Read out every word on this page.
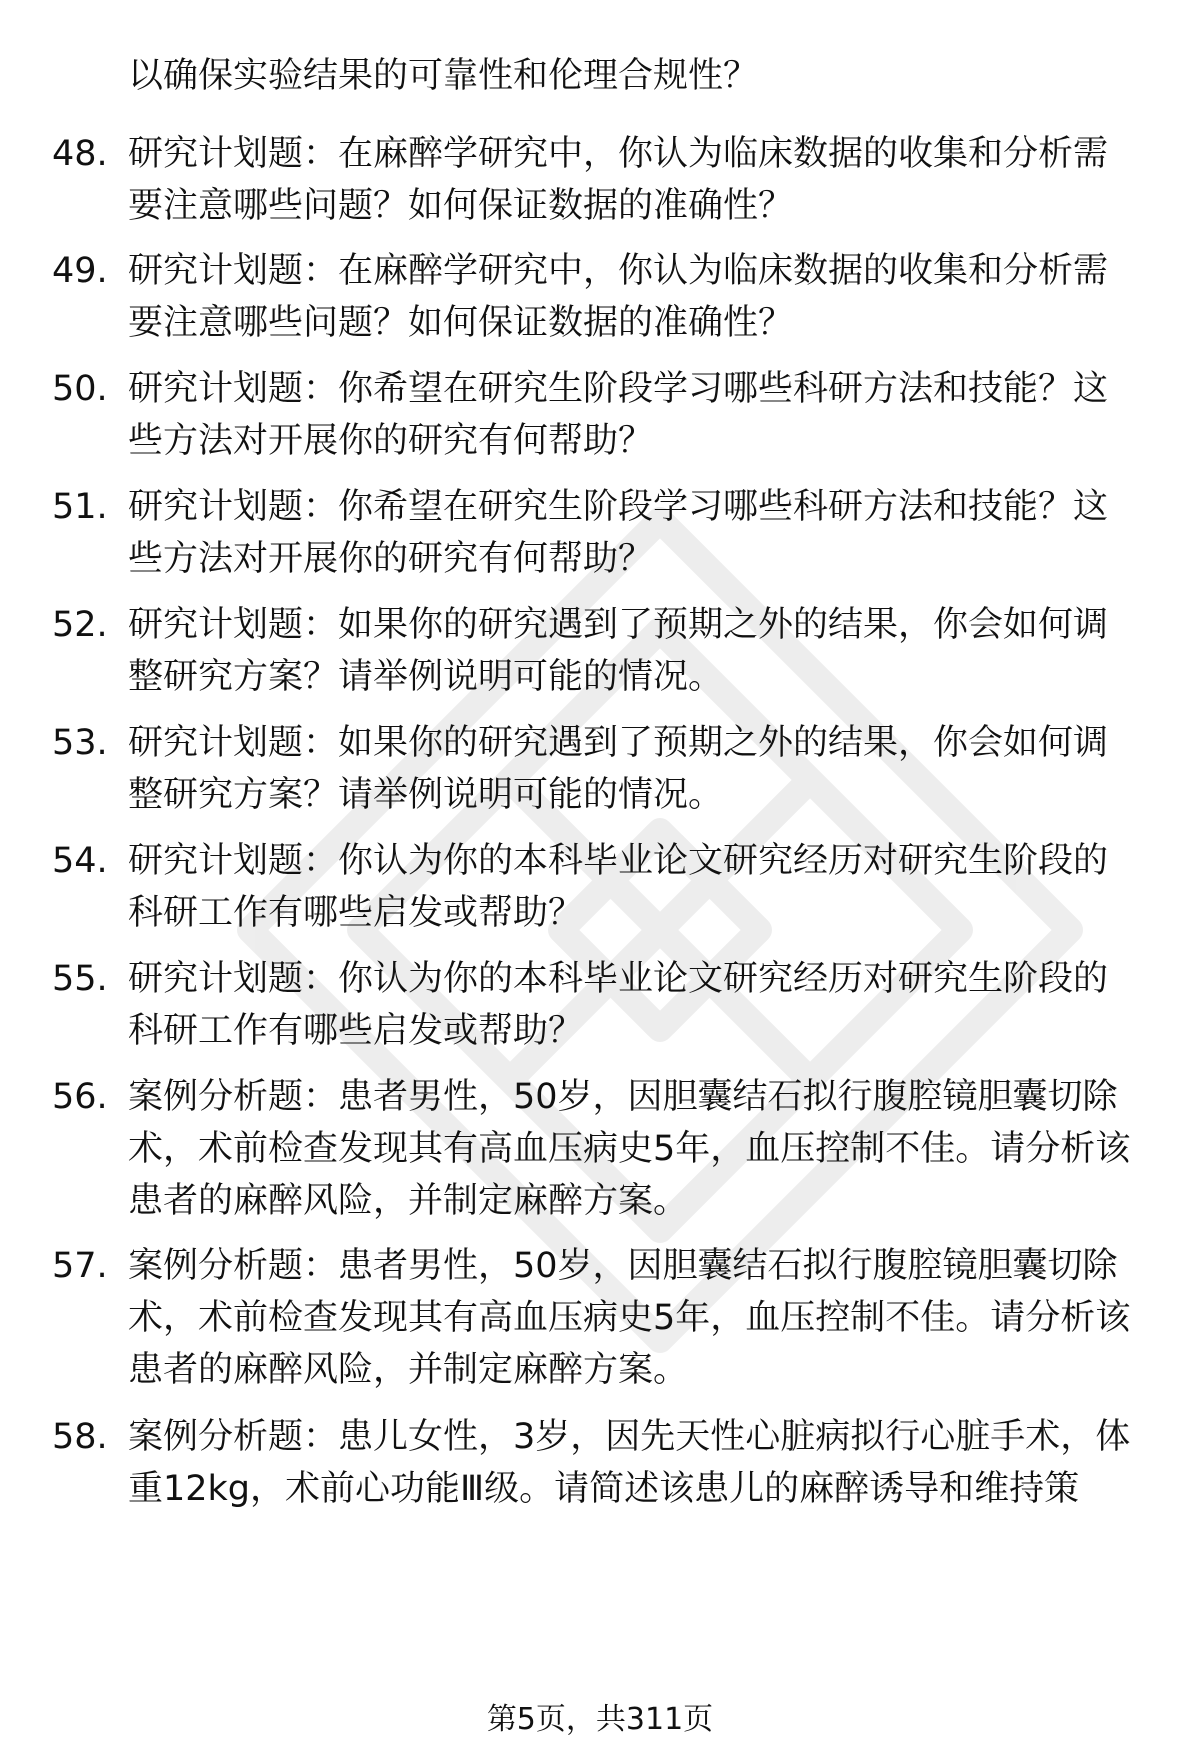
以确保实验结果的可靠性和伦理合规性？
48. 研究计划题：在麻醉学研究中，你认为临床数据的收集和分析需
要注意哪些问题？如何保证数据的准确性？
49. 研究计划题：在麻醉学研究中，你认为临床数据的收集和分析需
要注意哪些问题？如何保证数据的准确性？
50. 研究计划题：你希望在研究生阶段学习哪些科研方法和技能？这
些方法对开展你的研究有何帮助？
51. 研究计划题：你希望在研究生阶段学习哪些科研方法和技能？这
些方法对开展你的研究有何帮助？
52. 研究计划题：如果你的研究遇到了预期之外的结果，你会如何调
整研究方案？请举例说明可能的情况。
53. 研究计划题：如果你的研究遇到了预期之外的结果，你会如何调
整研究方案？请举例说明可能的情况。
54. 研究计划题：你认为你的本科毕业论文研究经历对研究生阶段的
科研工作有哪些启发或帮助？
55. 研究计划题：你认为你的本科毕业论文研究经历对研究生阶段的
科研工作有哪些启发或帮助？
56. 案例分析题：患者男性，50岁，因胆囊结石拟行腹腔镜胆囊切除
术，术前检查发现其有高血压病史5年，血压控制不佳。请分析该
患者的麻醉风险，并制定麻醉方案。
57. 案例分析题：患者男性，50岁，因胆囊结石拟行腹腔镜胆囊切除
术，术前检查发现其有高血压病史5年，血压控制不佳。请分析该
患者的麻醉风险，并制定麻醉方案。
58. 案例分析题：患儿女性，3岁，因先天性心脏病拟行心脏手术，体
重12kg，术前心功能Ⅲ级。请简述该患儿的麻醉诱导和维持策
第5页，共311页
